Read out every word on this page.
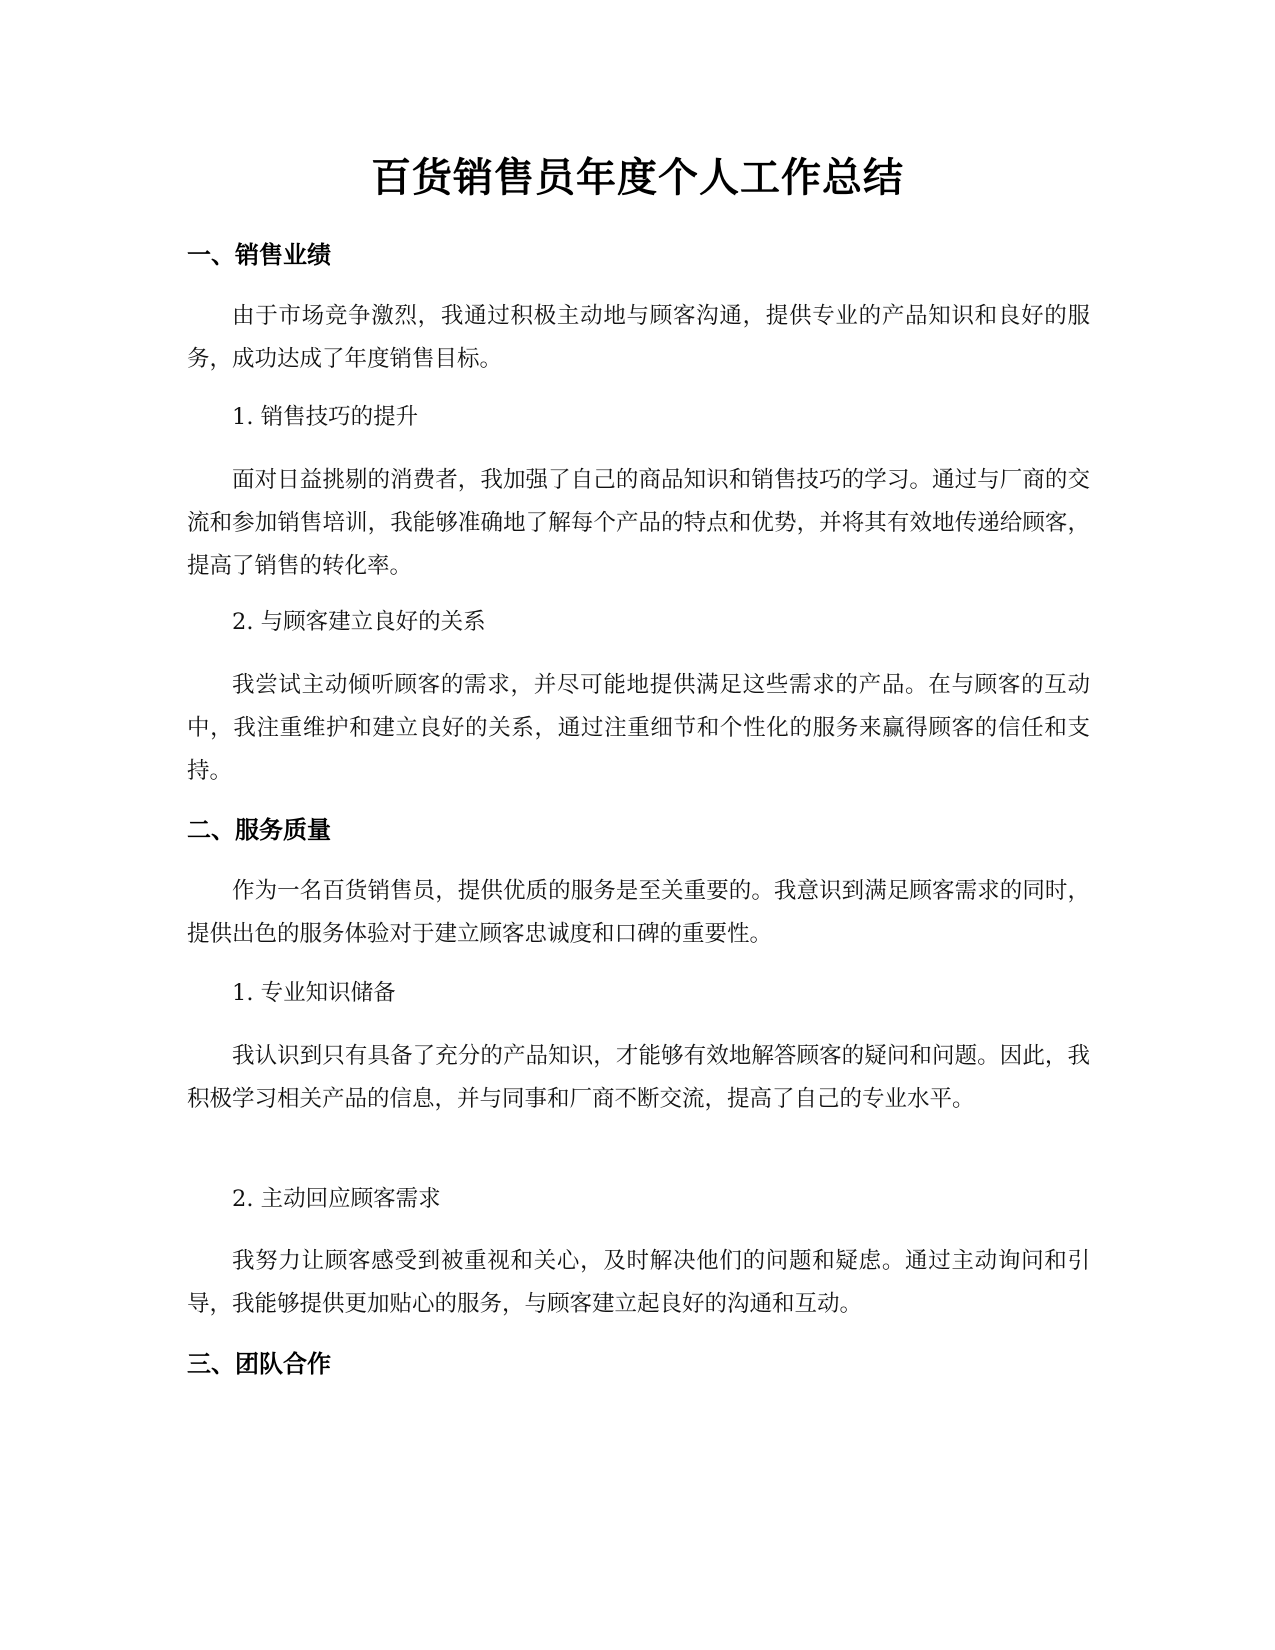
百货销售员年度个人工作总结
一、销售业绩

由于市场竞争激烈，我通过积极主动地与顾客沟通，提供专业的产品知识和良好的服务，成功达成了年度销售目标。

1. 销售技巧的提升

面对日益挑剔的消费者，我加强了自己的商品知识和销售技巧的学习。通过与厂商的交流和参加销售培训，我能够准确地了解每个产品的特点和优势，并将其有效地传递给顾客，提高了销售的转化率。

2. 与顾客建立良好的关系

我尝试主动倾听顾客的需求，并尽可能地提供满足这些需求的产品。在与顾客的互动中，我注重维护和建立良好的关系，通过注重细节和个性化的服务来赢得顾客的信任和支持。

二、服务质量

作为一名百货销售员，提供优质的服务是至关重要的。我意识到满足顾客需求的同时，提供出色的服务体验对于建立顾客忠诚度和口碑的重要性。

1. 专业知识储备

我认识到只有具备了充分的产品知识，才能够有效地解答顾客的疑问和问题。因此，我积极学习相关产品的信息，并与同事和厂商不断交流，提高了自己的专业水平。

2. 主动回应顾客需求

我努力让顾客感受到被重视和关心，及时解决他们的问题和疑虑。通过主动询问和引导，我能够提供更加贴心的服务，与顾客建立起良好的沟通和互动。

三、团队合作
